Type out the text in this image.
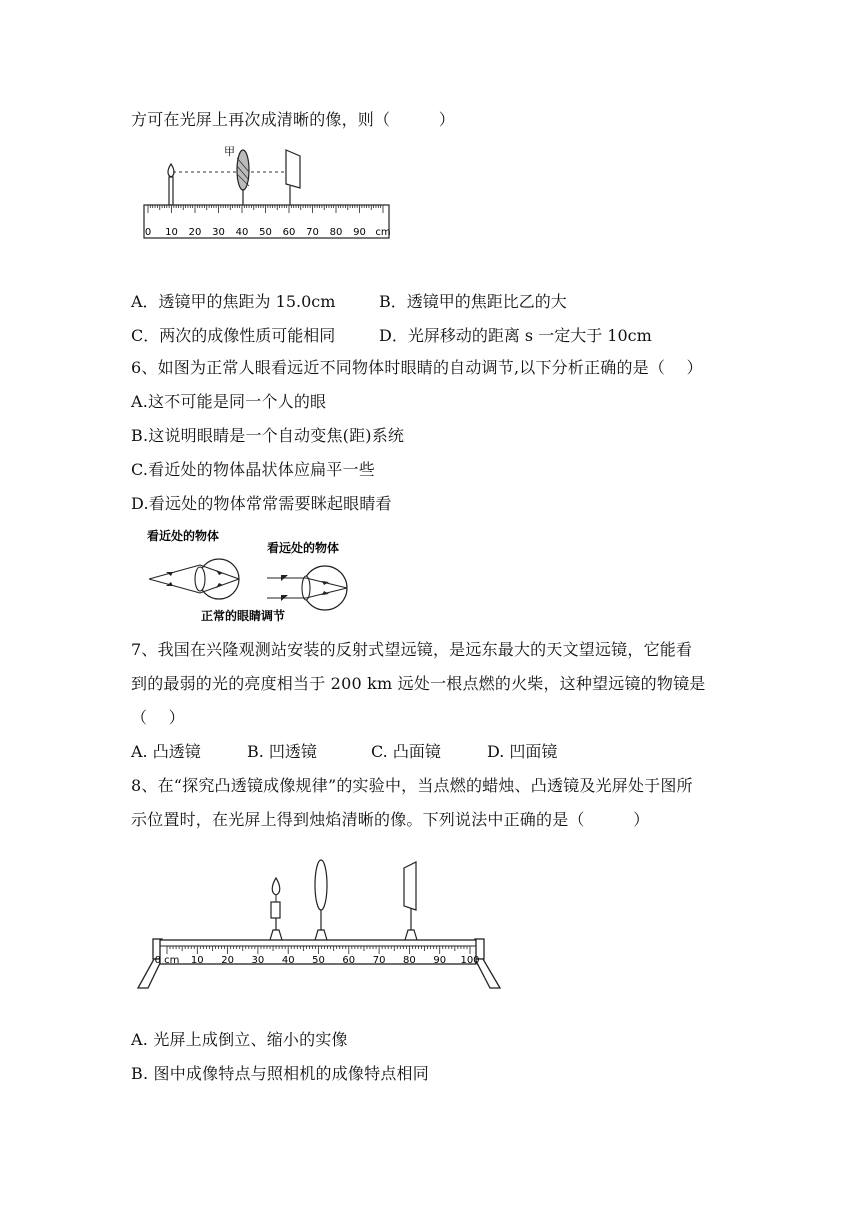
方可在光屏上再次成清晰的像，则（　　　）
甲
0 10 20 30 40 50 60 70 80 90 cm
A．透镜甲的焦距为 15.0cm	B．透镜甲的焦距比乙的大
C．两次的成像性质可能相同	D．光屏移动的距离 s 一定大于 10cm
6、如图为正常人眼看远近不同物体时眼睛的自动调节,以下分析正确的是（　 ）
A.这不可能是同一个人的眼
B.这说明眼睛是一个自动变焦(距)系统
C.看近处的物体晶状体应扁平一些
D.看远处的物体常常需要眯起眼睛看
看近处的物体
看远处的物体
正常的眼睛调节
7、我国在兴隆观测站安装的反射式望远镜，是远东最大的天文望远镜，它能看
到的最弱的光的亮度相当于 200 km 远处一根点燃的火柴，这种望远镜的物镜是
（　 ）
A. 凸透镜	B. 凹透镜	C. 凸面镜	D. 凹面镜
8、在“探究凸透镜成像规律”的实验中，当点燃的蜡烛、凸透镜及光屏处于图所
示位置时，在光屏上得到烛焰清晰的像。下列说法中正确的是（　　　）
0 cm 10 20 30 40 50 60 70 80 90 100
A. 光屏上成倒立、缩小的实像
B. 图中成像特点与照相机的成像特点相同
